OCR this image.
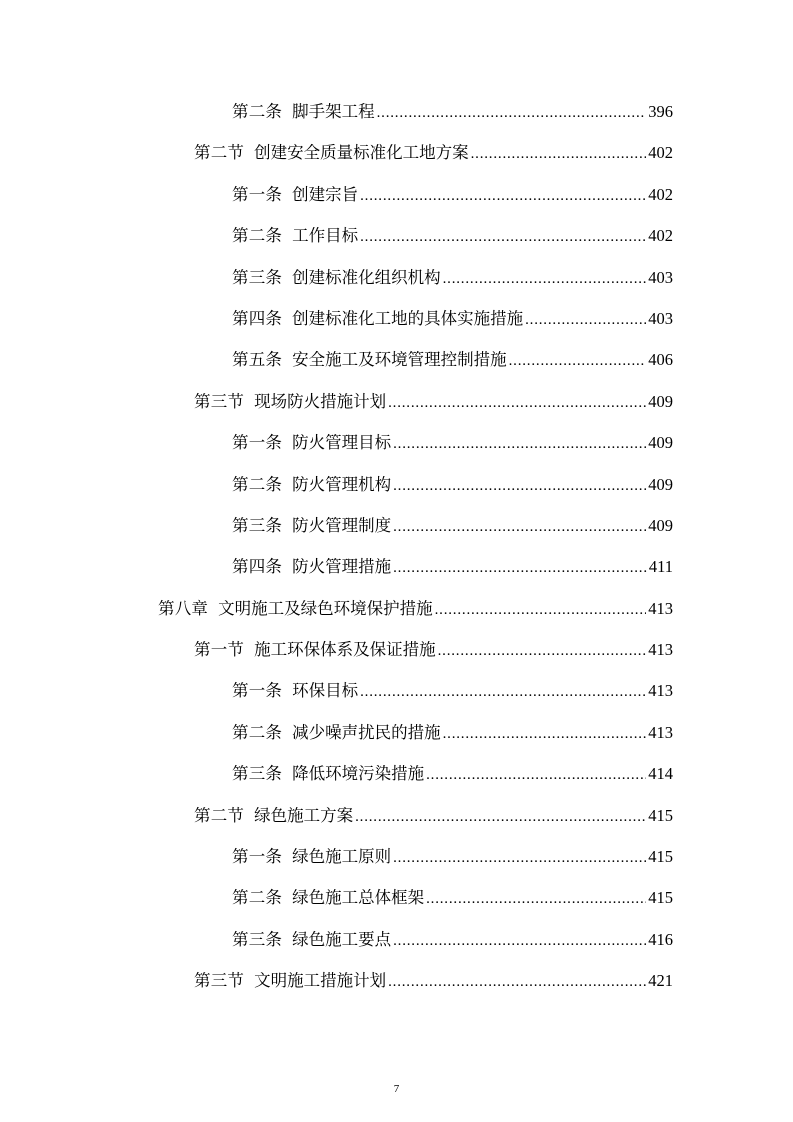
第二条 脚手架工程 .....	396
第二节 创建安全质量标准化工地方案 .....	402
第一条 创建宗旨 .....	402
第二条 工作目标 .....	402
第三条 创建标准化组织机构 .....	403
第四条 创建标准化工地的具体实施措施 .....	403
第五条 安全施工及环境管理控制措施 .....	406
第三节 现场防火措施计划 .....	409
第一条 防火管理目标 .....	409
第二条 防火管理机构 .....	409
第三条 防火管理制度 .....	409
第四条 防火管理措施 .....	411
第八章 文明施工及绿色环境保护措施 .....	413
第一节 施工环保体系及保证措施 .....	413
第一条 环保目标 .....	413
第二条 减少噪声扰民的措施 .....	413
第三条 降低环境污染措施 .....	414
第二节 绿色施工方案 .....	415
第一条 绿色施工原则 .....	415
第二条 绿色施工总体框架 .....	415
第三条 绿色施工要点 .....	416
第三节 文明施工措施计划 .....	421
7
